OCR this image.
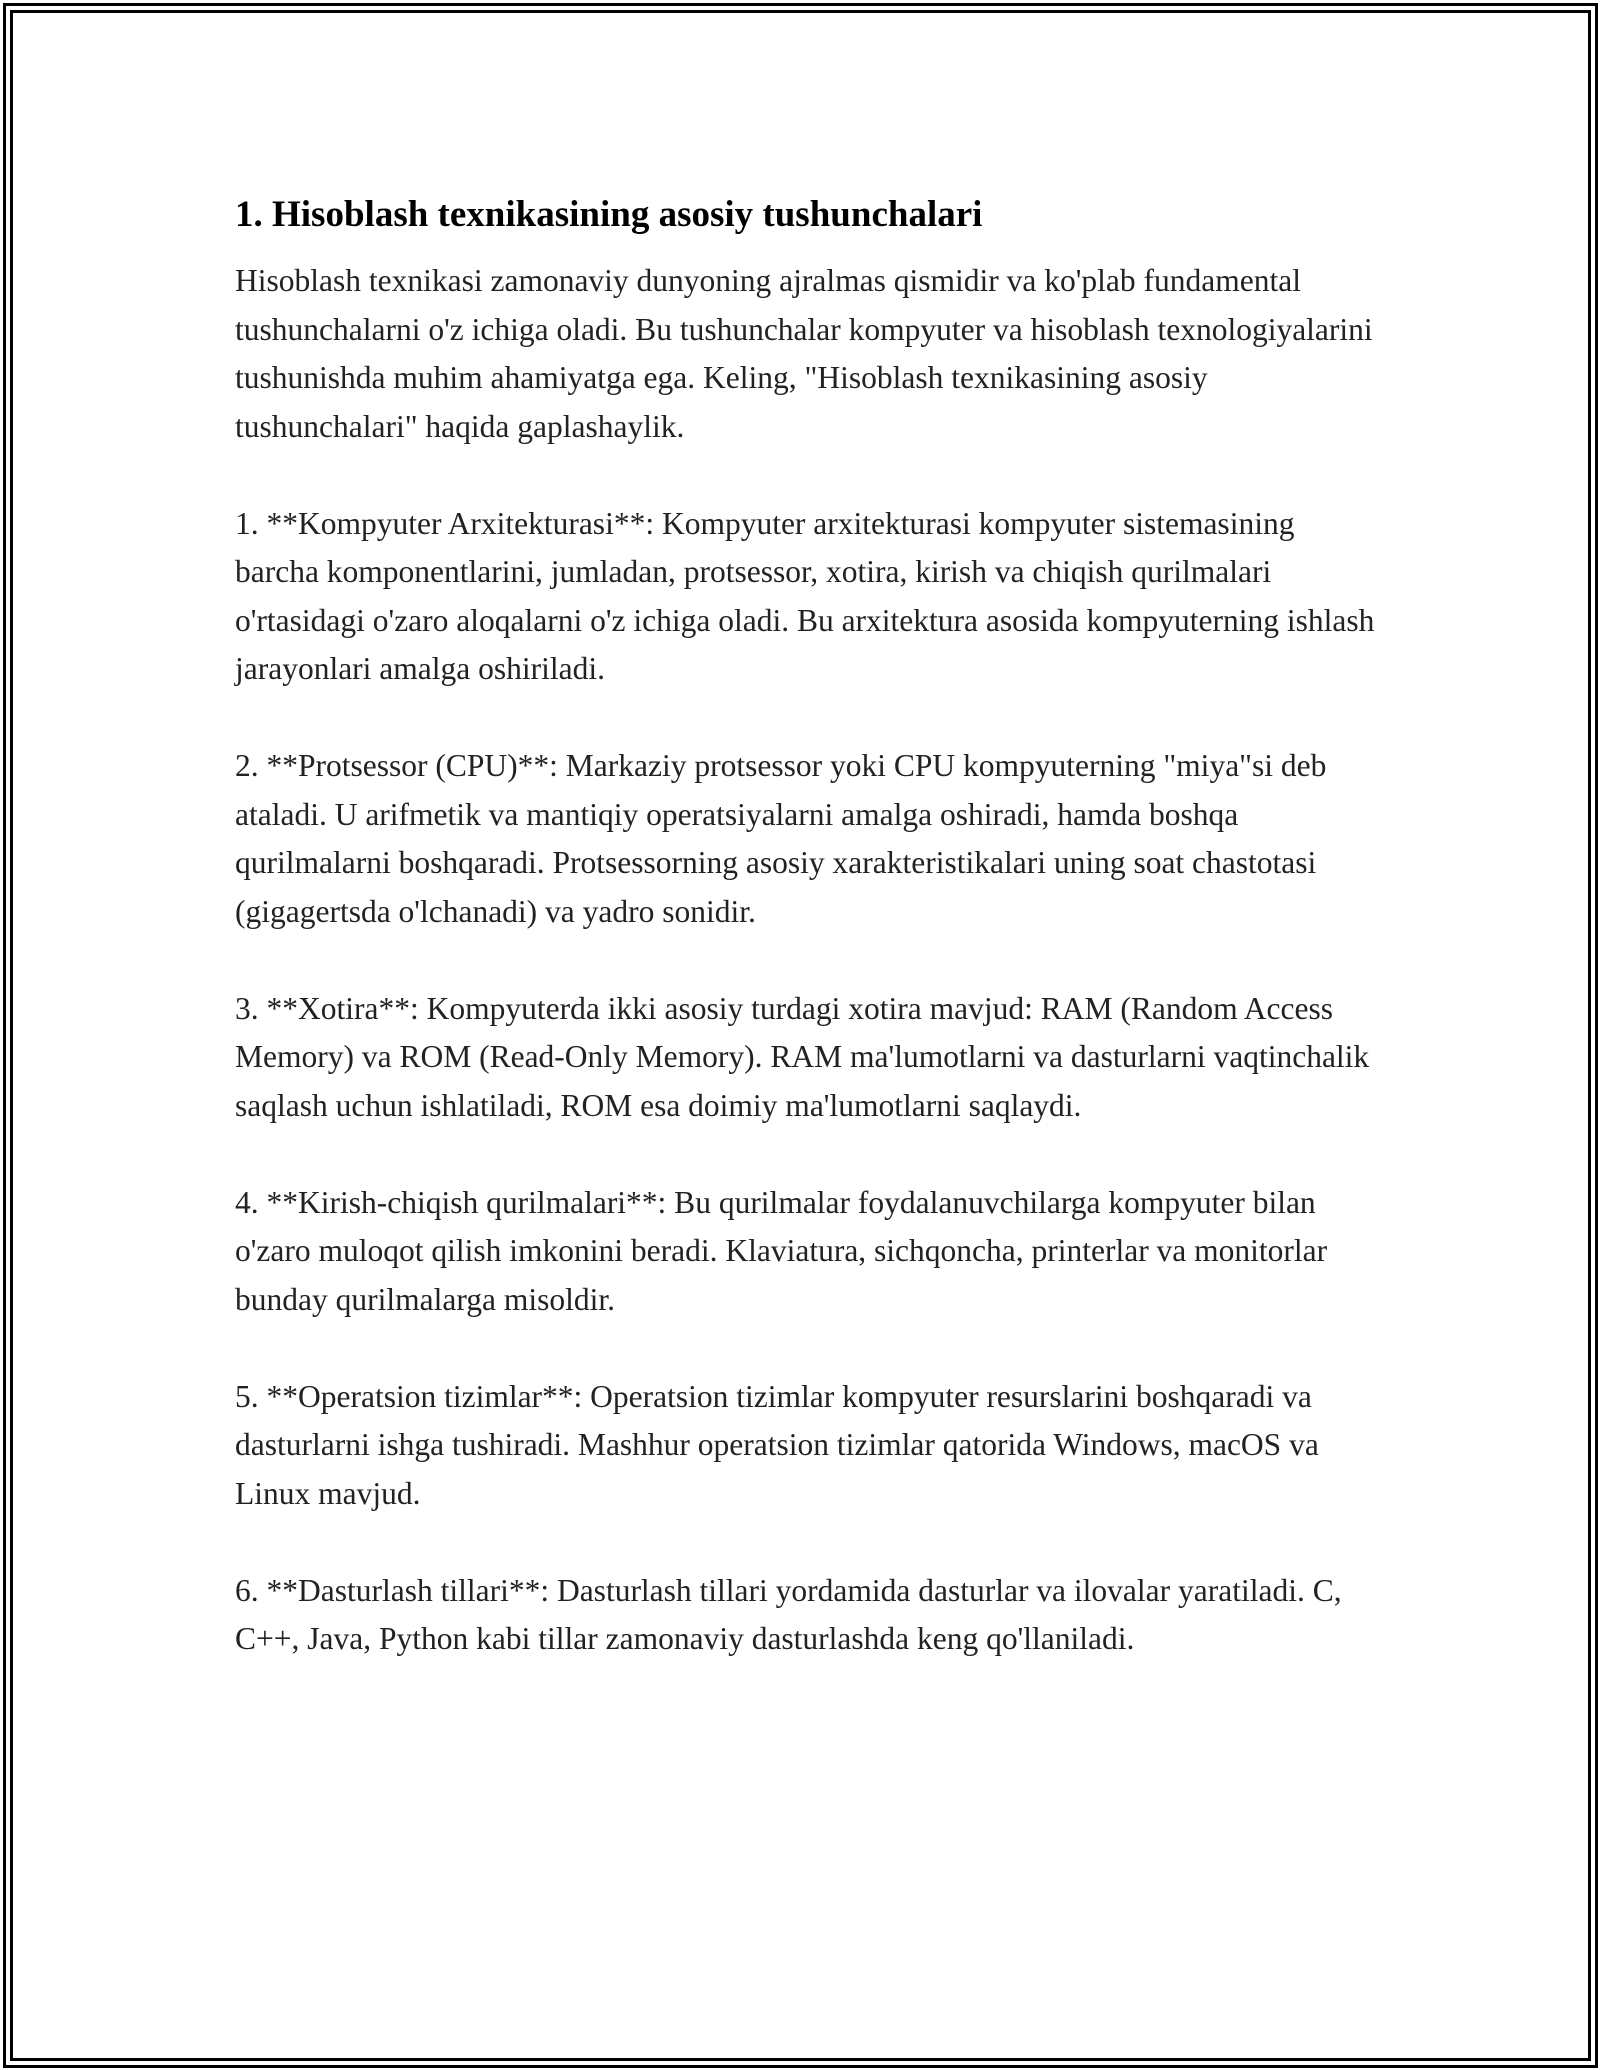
1. Hisoblash texnikasining asosiy tushunchalari

Hisoblash texnikasi zamonaviy dunyoning ajralmas qismidir va ko'plab fundamental tushunchalarni o'z ichiga oladi. Bu tushunchalar kompyuter va hisoblash texnologiyalarini tushunishda muhim ahamiyatga ega. Keling, "Hisoblash texnikasining asosiy tushunchalari" haqida gaplashaylik.

1. **Kompyuter Arxitekturasi**: Kompyuter arxitekturasi kompyuter sistemasining barcha komponentlarini, jumladan, protsessor, xotira, kirish va chiqish qurilmalari o'rtasidagi o'zaro aloqalarni o'z ichiga oladi. Bu arxitektura asosida kompyuterning ishlash jarayonlari amalga oshiriladi.

2. **Protsessor (CPU)**: Markaziy protsessor yoki CPU kompyuterning "miya"si deb ataladi. U arifmetik va mantiqiy operatsiyalarni amalga oshiradi, hamda boshqa qurilmalarni boshqaradi. Protsessorning asosiy xarakteristikalari uning soat chastotasi (gigagertsda o'lchanadi) va yadro sonidir.

3. **Xotira**: Kompyuterda ikki asosiy turdagi xotira mavjud: RAM (Random Access Memory) va ROM (Read-Only Memory). RAM ma'lumotlarni va dasturlarni vaqtinchalik saqlash uchun ishlatiladi, ROM esa doimiy ma'lumotlarni saqlaydi.

4. **Kirish-chiqish qurilmalari**: Bu qurilmalar foydalanuvchilarga kompyuter bilan o'zaro muloqot qilish imkonini beradi. Klaviatura, sichqoncha, printerlar va monitorlar bunday qurilmalarga misoldir.

5. **Operatsion tizimlar**: Operatsion tizimlar kompyuter resurslarini boshqaradi va dasturlarni ishga tushiradi. Mashhur operatsion tizimlar qatorida Windows, macOS va Linux mavjud.

6. **Dasturlash tillari**: Dasturlash tillari yordamida dasturlar va ilovalar yaratiladi. C, C++, Java, Python kabi tillar zamonaviy dasturlashda keng qo'llaniladi.
